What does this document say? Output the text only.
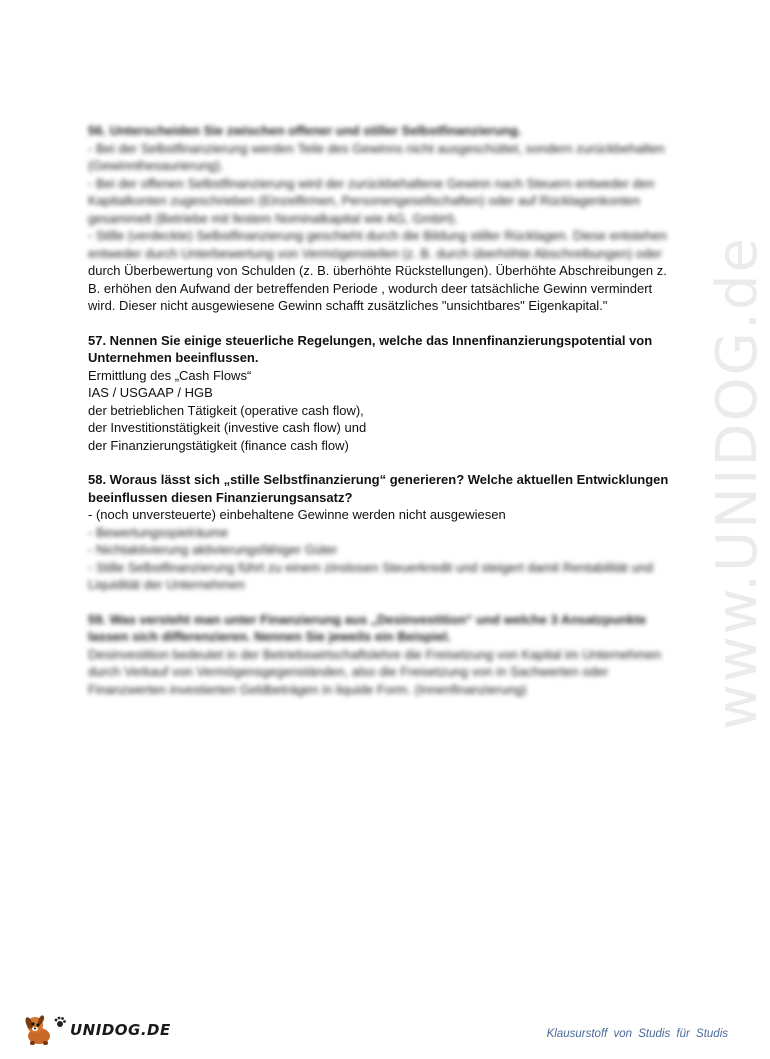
www.UNIDOG.de
56. Unterscheiden Sie zwischen offener und stiller Selbstfinanzierung.
- Bei der Selbstfinanzierung werden Teile des Gewinns nicht ausgeschüttet, sondern zurückbehalten
(Gewinnthesaurierung).
- Bei der offenen Selbstfinanzierung wird der zurückbehaltene Gewinn nach Steuern entweder den
Kapitalkonten zugeschrieben (Einzelfirmen, Personengesellschaften) oder auf Rücklagenkonten
gesammelt (Betriebe mit festem Nominalkapital wie AG, GmbH).
- Stille (verdeckte) Selbstfinanzierung geschieht durch die Bildung stiller Rücklagen. Diese entstehen
entweder durch Unterbewertung von Vermögensteilen (z. B. durch überhöhte Abschreibungen) oder
durch Überbewertung von Schulden (z. B. überhöhte Rückstellungen). Überhöhte Abschreibungen z.
B. erhöhen den Aufwand der betreffenden Periode , wodurch deer tatsächliche Gewinn vermindert
wird. Dieser nicht ausgewiesene Gewinn schafft zusätzliches "unsichtbares" Eigenkapital."
57. Nennen Sie einige steuerliche Regelungen, welche das Innenfinanzierungspotential von
Unternehmen beeinflussen.
Ermittlung des „Cash Flows“
IAS / USGAAP / HGB
der betrieblichen Tätigkeit (operative cash flow),
der Investitionstätigkeit (investive cash flow) und
der Finanzierungstätigkeit (finance cash flow)
58. Woraus lässt sich „stille Selbstfinanzierung“ generieren? Welche aktuellen Entwicklungen
beeinflussen diesen Finanzierungsansatz?
- (noch unversteuerte) einbehaltene Gewinne werden nicht ausgewiesen
- Bewertungsspielräume
- Nichtaktivierung aktivierungsfähiger Güter
- Stille Selbstfinanzierung führt zu einem zinslosen Steuerkredit und steigert damit Rentabilität und
Liquidität der Unternehmen
59. Was versteht man unter Finanzierung aus „Desinvestition“ und welche 3 Ansatzpunkte
lassen sich differenzieren. Nennen Sie jeweils ein Beispiel.
Desinvestition bedeutet in der Betriebswirtschaftslehre die Freisetzung von Kapital im Unternehmen
durch Verkauf von Vermögensgegenständen, also die Freisetzung von in Sachwerten oder
Finanzwerten investierten Geldbeträgen in liquide Form. (Innenfinanzierung)
UNIDOG.DE	Klausurstoff von Studis für Studis
